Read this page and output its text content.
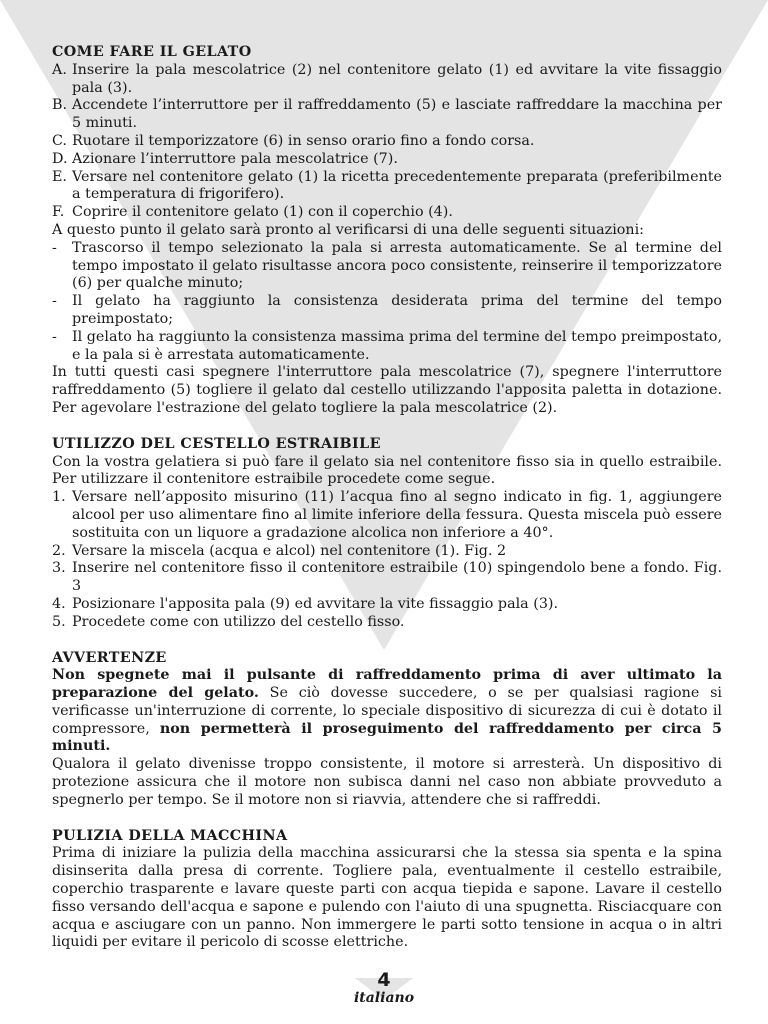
COME FARE IL GELATO
A. Inserire la pala mescolatrice (2) nel contenitore gelato (1) ed avvitare la vite fissaggio pala (3).
B. Accendete l’interruttore per il raffreddamento (5) e lasciate raffreddare la macchina per 5 minuti.
C. Ruotare il temporizzatore (6) in senso orario fino a fondo corsa.
D. Azionare l’interruttore pala mescolatrice (7).
E. Versare nel contenitore gelato (1) la ricetta precedentemente preparata (preferibilmente a temperatura di frigorifero).
F. Coprire il contenitore gelato (1) con il coperchio (4).

A questo punto il gelato sarà pronto al verificarsi di una delle seguenti situazioni:

-	Trascorso il tempo selezionato la pala si arresta automaticamente. Se al termine del tempo impostato il gelato risultasse ancora poco consistente, reinserire il temporizzatore (6) per qualche minuto;
-	Il gelato ha raggiunto la consistenza desiderata prima del termine del tempo preimpostato;
-	Il gelato ha raggiunto la consistenza massima prima del termine del tempo preimpostato, e la pala si è arrestata automaticamente.

In tutti questi casi spegnere l'interruttore pala mescolatrice (7), spegnere l'interruttore raffreddamento (5) togliere il gelato dal cestello utilizzando l'apposita paletta in dotazione. Per agevolare l'estrazione del gelato togliere la pala mescolatrice (2).

UTILIZZO DEL CESTELLO ESTRAIBILE

Con la vostra gelatiera si può fare il gelato sia nel contenitore fisso sia in quello estraibile. Per utilizzare il contenitore estraibile procedete come segue.

1. Versare nell’apposito misurino (11) l’acqua fino al segno indicato in fig. 1, aggiungere alcool per uso alimentare fino al limite inferiore della fessura. Questa miscela può essere sostituita con un liquore a gradazione alcolica non inferiore a 40°.
2. Versare la miscela (acqua e alcol) nel contenitore (1). Fig. 2
3. Inserire nel contenitore fisso il contenitore estraibile (10) spingendolo bene a fondo. Fig. 3
4. Posizionare l'apposita pala (9) ed avvitare la vite fissaggio pala (3).
5. Procedete come con utilizzo del cestello fisso.
AVVERTENZE

Non spegnete mai il pulsante di raffreddamento prima di aver ultimato la preparazione del gelato. Se ciò dovesse succedere, o se per qualsiasi ragione si verificasse un'interruzione di corrente, lo speciale dispositivo di sicurezza di cui è dotato il compressore, non permetterà il proseguimento del raffreddamento per circa 5 minuti.

Qualora il gelato divenisse troppo consistente, il motore si arresterà. Un dispositivo di protezione assicura che il motore non subisca danni nel caso non abbiate provveduto a spegnerlo per tempo. Se il motore non si riavvia, attendere che si raffreddi.

PULIZIA DELLA MACCHINA

Prima di iniziare la pulizia della macchina assicurarsi che la stessa sia spenta e la spina disinserita dalla presa di corrente. Togliere pala, eventualmente il cestello estraibile, coperchio trasparente e lavare queste parti con acqua tiepida e sapone. Lavare il cestello fisso versando dell'acqua e sapone e pulendo con l'aiuto di una spugnetta. Risciacquare con acqua e asciugare con un panno. Non immergere le parti sotto tensione in acqua o in altri liquidi per evitare il pericolo di scosse elettriche.

4
italiano
